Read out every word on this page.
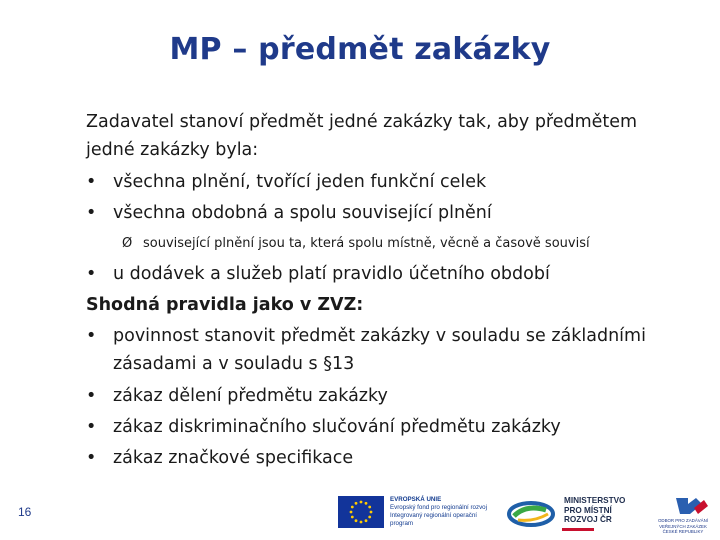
MP – předmět zakázky

Zadavatel stanoví předmět jedné zakázky tak, aby předmětem jedné zakázky byla:

• všechna plnění, tvořící jeden funkční celek

• všechna obdobná a spolu související plnění

Ø související plnění jsou ta, která spolu místně, věcně a časově souvisí

• u dodávek a služeb platí pravidlo účetního období

Shodná pravidla jako v ZVZ:

• povinnost stanovit předmět zakázky v souladu se základními zásadami a v souladu s §13

• zákaz dělení předmětu zakázky

• zákaz diskriminačního slučování předmětu zakázky

• zákaz značkové specifikace

16
EVROPSKÁ UNIE
Evropský fond pro regionální rozvoj
Integrovaný regionální operační program
MINISTERSTVO
PRO MÍSTNÍ
ROZVOJ ČR	ODBOR PRO ZADÁVÁNÍ VEŘEJNÝCH ZAKÁZEK
ČESKÉ REPUBLIKY
